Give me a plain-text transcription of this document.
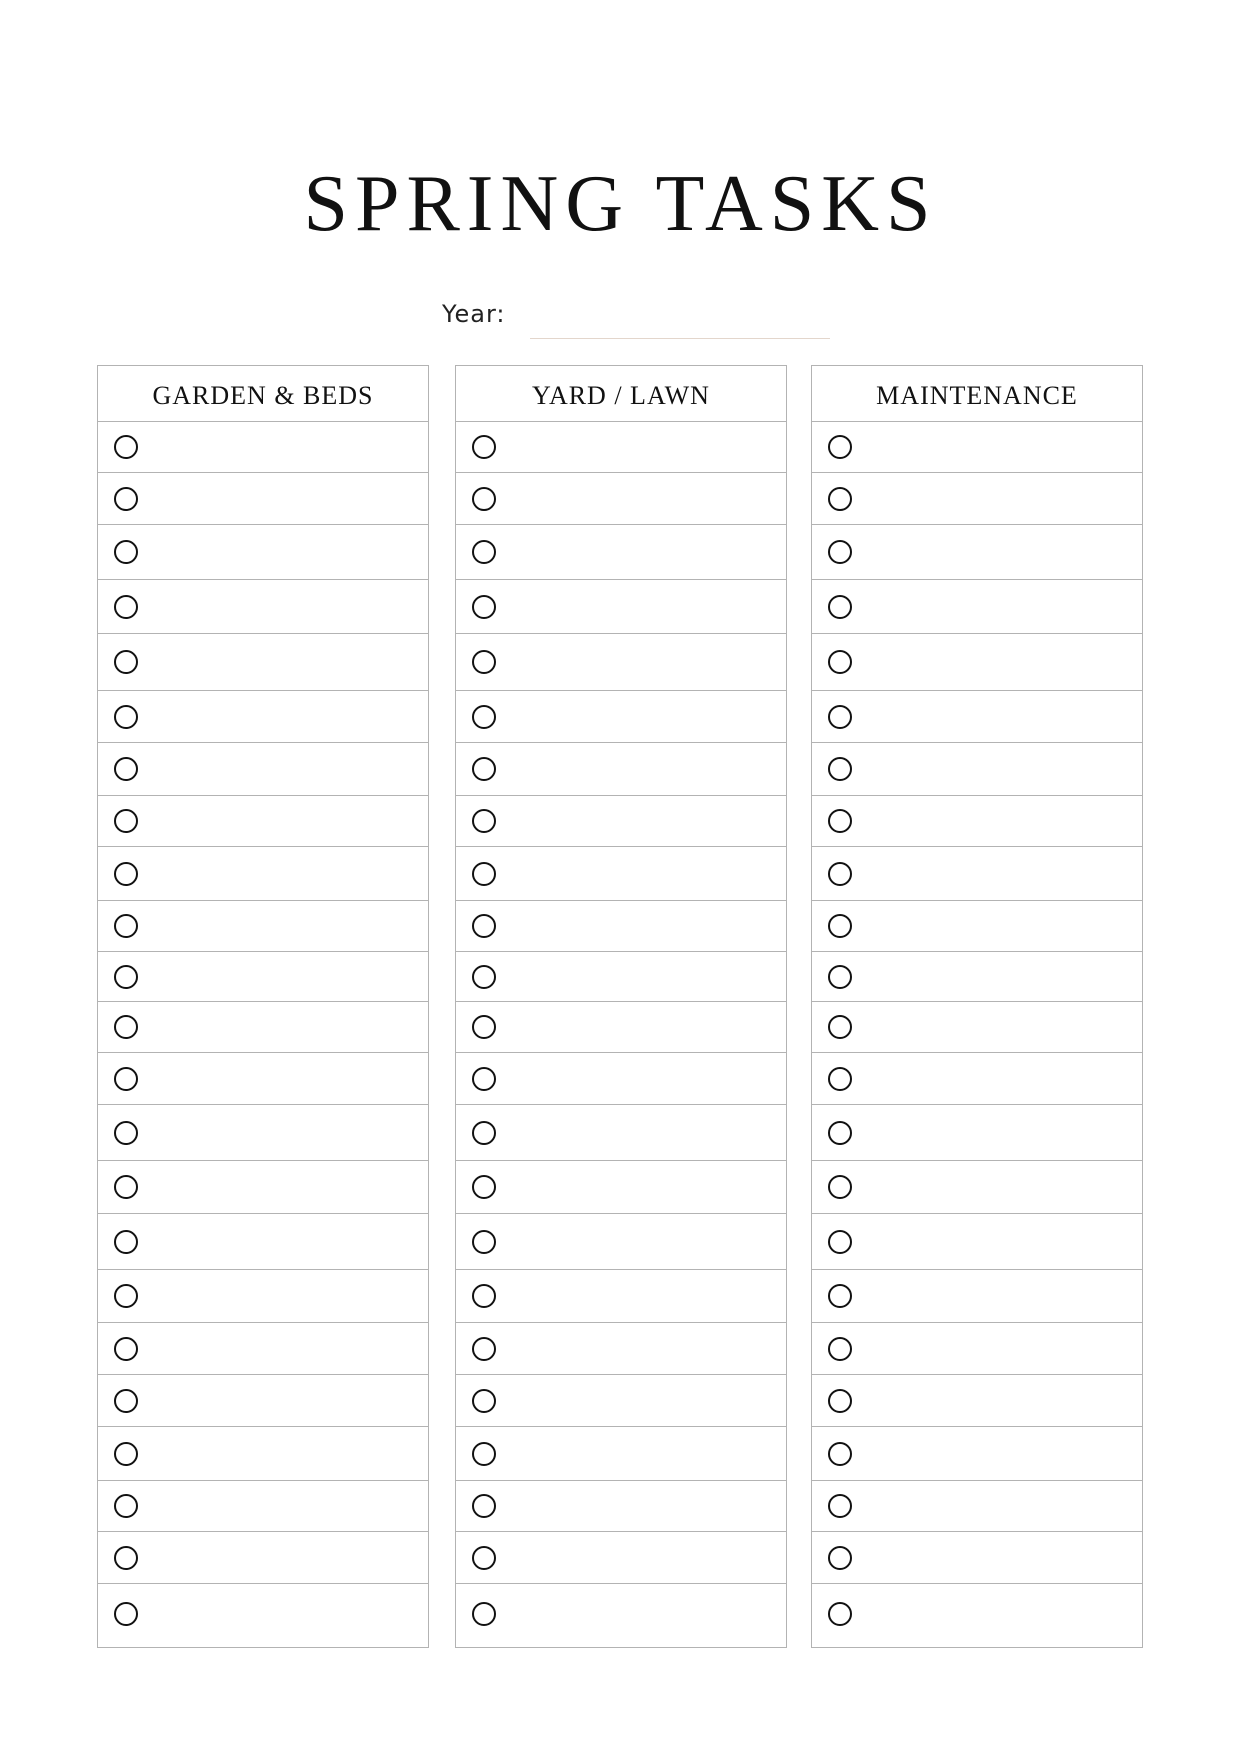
SPRING TASKS
Year:
GARDEN & BEDS	YARD / LAWN	MAINTENANCE
